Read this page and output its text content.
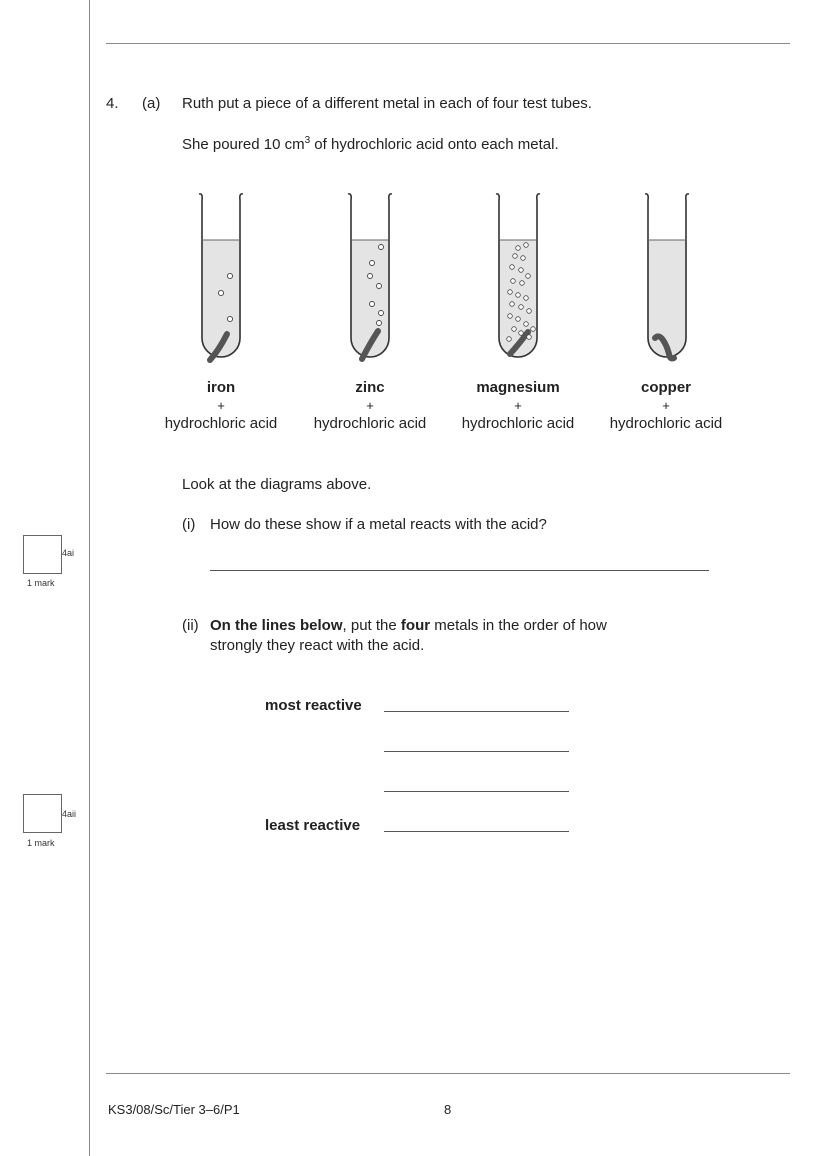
4. (a) Ruth put a piece of a different metal in each of four test tubes.
She poured 10 $cm^3$ of hydrochloric acid onto each metal.
iron
+
hydrochloric acid
zinc
+
hydrochloric acid
magnesium
+
hydrochloric acid
copper
+
hydrochloric acid
Look at the diagrams above.
(i) How do these show if a metal reacts with the acid?
4ai
1 mark
(ii) On the lines below, put the four metals in the order of how
strongly they react with the acid.
most reactive
least reactive
4aii
1 mark
KS3/08/Sc/Tier 3–6/P1	8
